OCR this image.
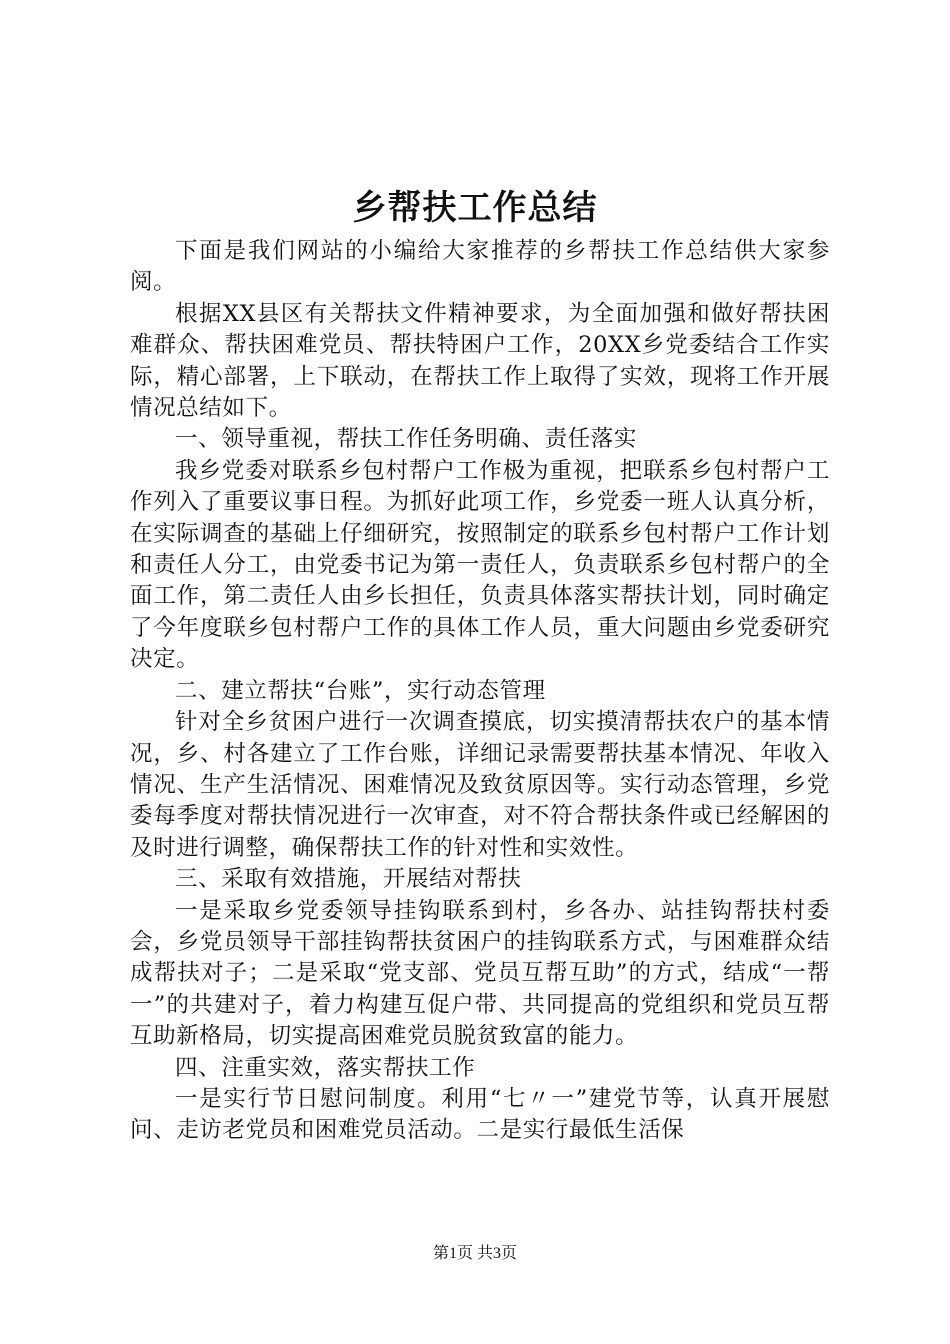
乡帮扶工作总结

下面是我们网站的小编给大家推荐的乡帮扶工作总结供大家参阅。

根据XX县区有关帮扶文件精神要求，为全面加强和做好帮扶困难群众、帮扶困难党员、帮扶特困户工作，20XX乡党委结合工作实际，精心部署，上下联动，在帮扶工作上取得了实效，现将工作开展情况总结如下。

一、领导重视，帮扶工作任务明确、责任落实

我乡党委对联系乡包村帮户工作极为重视，把联系乡包村帮户工作列入了重要议事日程。为抓好此项工作，乡党委一班人认真分析，在实际调查的基础上仔细研究，按照制定的联系乡包村帮户工作计划和责任人分工，由党委书记为第一责任人，负责联系乡包村帮户的全面工作，第二责任人由乡长担任，负责具体落实帮扶计划，同时确定了今年度联乡包村帮户工作的具体工作人员，重大问题由乡党委研究决定。

二、建立帮扶“台账”，实行动态管理

针对全乡贫困户进行一次调查摸底，切实摸清帮扶农户的基本情况，乡、村各建立了工作台账，详细记录需要帮扶基本情况、年收入情况、生产生活情况、困难情况及致贫原因等。实行动态管理，乡党委每季度对帮扶情况进行一次审查，对不符合帮扶条件或已经解困的及时进行调整，确保帮扶工作的针对性和实效性。

三、采取有效措施，开展结对帮扶

一是采取乡党委领导挂钩联系到村，乡各办、站挂钩帮扶村委会，乡党员领导干部挂钩帮扶贫困户的挂钩联系方式，与困难群众结成帮扶对子；二是采取“党支部、党员互帮互助”的方式，结成“一帮一”的共建对子，着力构建互促户带、共同提高的党组织和党员互帮互助新格局，切实提高困难党员脱贫致富的能力。

四、注重实效，落实帮扶工作

一是实行节日慰问制度。利用“七〃一”建党节等，认真开展慰问、走访老党员和困难党员活动。二是实行最低生活保

第1页 共3页
